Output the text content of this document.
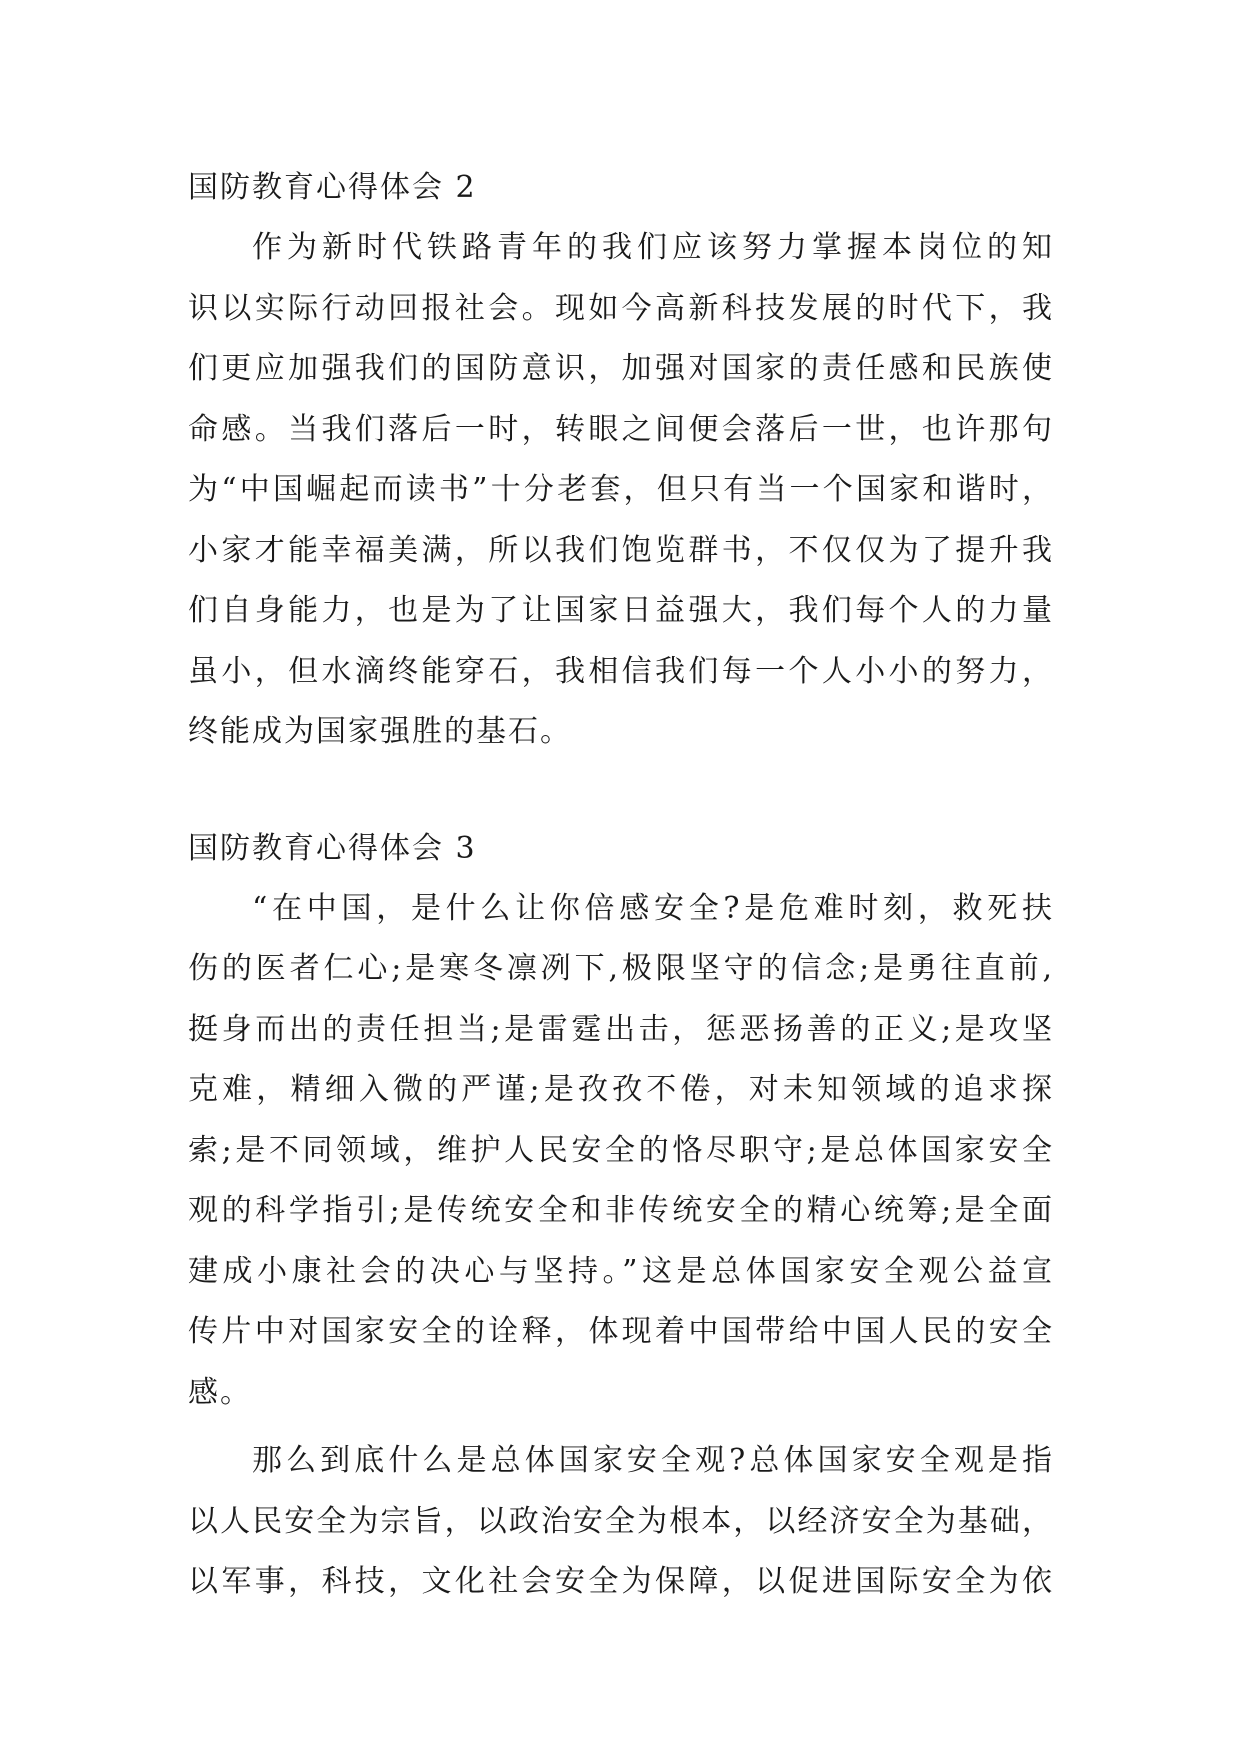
国防教育心得体会 2
作为新时代铁路青年的我们应该努力掌握本岗位的知
识以实际行动回报社会。现如今高新科技发展的时代下，我
们更应加强我们的国防意识，加强对国家的责任感和民族使
命感。当我们落后一时，转眼之间便会落后一世，也许那句
为“中国崛起而读书”十分老套，但只有当一个国家和谐时，
小家才能幸福美满，所以我们饱览群书，不仅仅为了提升我
们自身能力，也是为了让国家日益强大，我们每个人的力量
虽小，但水滴终能穿石，我相信我们每一个人小小的努力，
终能成为国家强胜的基石。
国防教育心得体会 3
“在中国，是什么让你倍感安全?是危难时刻，救死扶
伤的医者仁心;是寒冬凛冽下,极限坚守的信念;是勇往直前,
挺身而出的责任担当;是雷霆出击，惩恶扬善的正义;是攻坚
克难，精细入微的严谨;是孜孜不倦，对未知领域的追求探
索;是不同领域，维护人民安全的恪尽职守;是总体国家安全
观的科学指引;是传统安全和非传统安全的精心统筹;是全面
建成小康社会的决心与坚持。”这是总体国家安全观公益宣
传片中对国家安全的诠释，体现着中国带给中国人民的安全
感。
那么到底什么是总体国家安全观?总体国家安全观是指
以人民安全为宗旨，以政治安全为根本，以经济安全为基础，
以军事，科技，文化社会安全为保障，以促进国际安全为依
